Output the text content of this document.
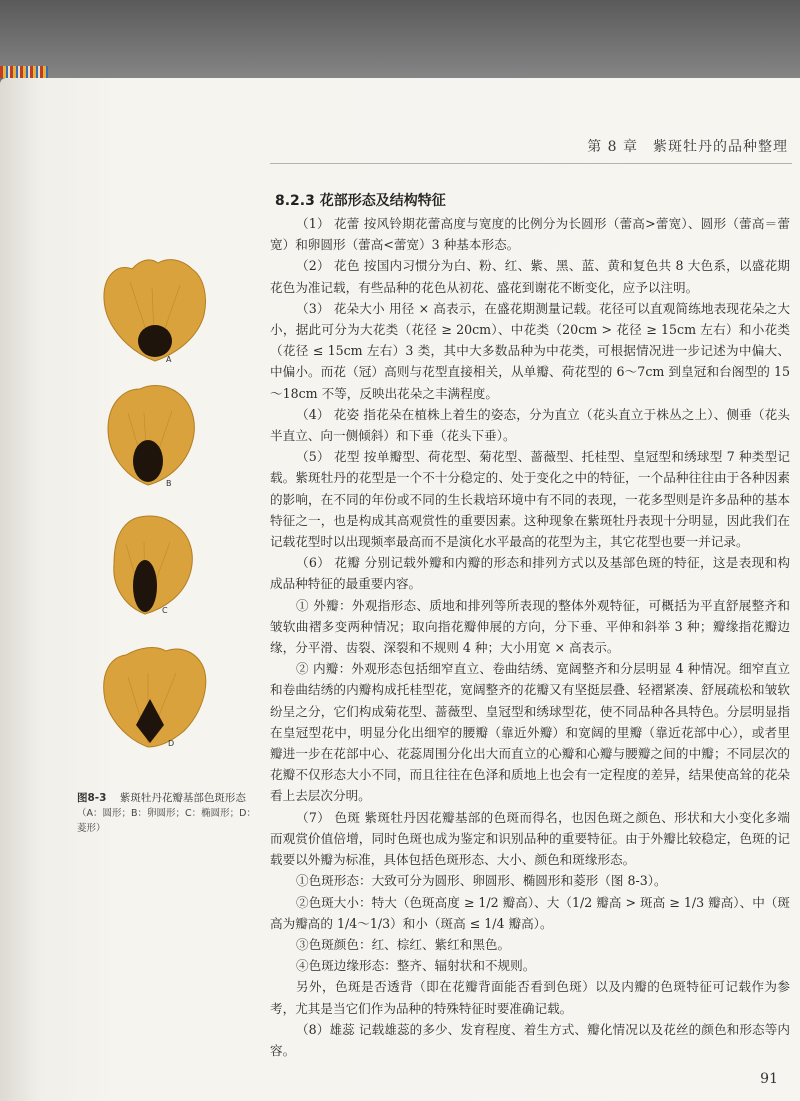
第 8 章　紫斑牡丹的品种整理
8.2.3 花部形态及结构特征

（1） 花蕾 按风铃期花蕾高度与宽度的比例分为长圆形（蕾高>蕾宽）、圆形（蕾高＝蕾宽）和卵圆形（蕾高<蕾宽）3 种基本形态。

（2） 花色 按国内习惯分为白、粉、红、紫、黑、蓝、黄和复色共 8 大色系，以盛花期花色为准记载，有些品种的花色从初花、盛花到谢花不断变化，应予以注明。

（3） 花朵大小 用径 × 高表示，在盛花期测量记载。花径可以直观简练地表现花朵之大小，据此可分为大花类（花径 ≥ 20cm）、中花类（20cm > 花径 ≥ 15cm 左右）和小花类（花径 ≤ 15cm 左右）3 类，其中大多数品种为中花类，可根据情况进一步记述为中偏大、中偏小。而花（冠）高则与花型直接相关，从单瓣、荷花型的 6～7cm 到皇冠和台阁型的 15～18cm 不等，反映出花朵之丰满程度。

（4） 花姿 指花朵在植株上着生的姿态，分为直立（花头直立于株丛之上）、侧垂（花头半直立、向一侧倾斜）和下垂（花头下垂）。

（5） 花型 按单瓣型、荷花型、菊花型、蔷薇型、托桂型、皇冠型和绣球型 7 种类型记载。紫斑牡丹的花型是一个不十分稳定的、处于变化之中的特征，一个品种往往由于各种因素的影响，在不同的年份或不同的生长栽培环境中有不同的表现，一花多型则是许多品种的基本特征之一，也是构成其高观赏性的重要因素。这种现象在紫斑牡丹表现十分明显，因此我们在记载花型时以出现频率最高而不是演化水平最高的花型为主，其它花型也要一并记录。

（6） 花瓣 分别记载外瓣和内瓣的形态和排列方式以及基部色斑的特征，这是表现和构成品种特征的最重要内容。

① 外瓣：外观指形态、质地和排列等所表现的整体外观特征，可概括为平直舒展整齐和皱软曲褶多变两种情况；取向指花瓣伸展的方向，分下垂、平伸和斜举 3 种；瓣缘指花瓣边缘，分平滑、齿裂、深裂和不规则 4 种；大小用宽 × 高表示。

② 内瓣：外观形态包括细窄直立、卷曲结绣、宽阔整齐和分层明显 4 种情况。细窄直立和卷曲结绣的内瓣构成托桂型花，宽阔整齐的花瓣又有坚挺层叠、轻褶紧凑、舒展疏松和皱软纷呈之分，它们构成菊花型、蔷薇型、皇冠型和绣球型花，使不同品种各具特色。分层明显指在皇冠型花中，明显分化出细窄的腰瓣（靠近外瓣）和宽阔的里瓣（靠近花部中心），或者里瓣进一步在花部中心、花蕊周围分化出大而直立的心瓣和心瓣与腰瓣之间的中瓣；不同层次的花瓣不仅形态大小不同，而且往往在色泽和质地上也会有一定程度的差异，结果使高耸的花朵看上去层次分明。

（7） 色斑 紫斑牡丹因花瓣基部的色斑而得名，也因色斑之颜色、形状和大小变化多端而观赏价值倍增，同时色斑也成为鉴定和识别品种的重要特征。由于外瓣比较稳定，色斑的记载要以外瓣为标准，具体包括色斑形态、大小、颜色和斑缘形态。

①色斑形态：大致可分为圆形、卵圆形、椭圆形和菱形（图 8-3）。

②色斑大小：特大（色斑高度 ≥ 1/2 瓣高）、大（1/2 瓣高 > 斑高 ≥ 1/3 瓣高）、中（斑高为瓣高的 1/4～1/3）和小（斑高 ≤ 1/4 瓣高）。

③色斑颜色：红、棕红、紫红和黑色。

④色斑边缘形态：整齐、辐射状和不规则。

另外，色斑是否透背（即在花瓣背面能否看到色斑）以及内瓣的色斑特征可记载作为参考，尤其是当它们作为品种的特殊特征时要准确记载。

（8）雄蕊 记载雄蕊的多少、发育程度、着生方式、瓣化情况以及花丝的颜色和形态等内容。

A
B
C
D
图8-3 紫斑牡丹花瓣基部色斑形态
（A：圆形；B：卵圆形；C：椭圆形；D：菱形）
91
